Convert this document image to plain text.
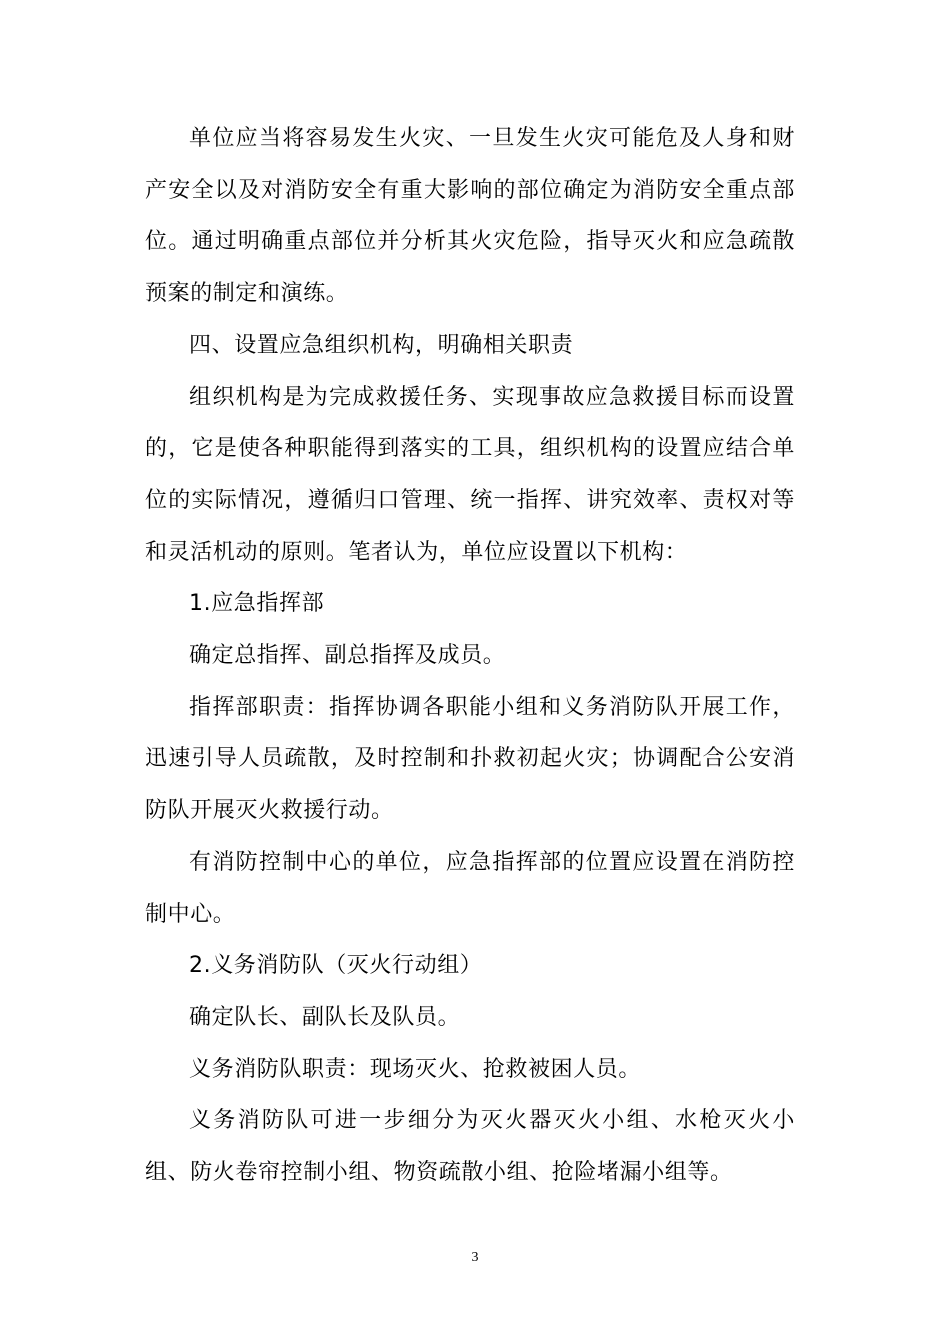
单位应当将容易发生火灾、一旦发生火灾可能危及人身和财产安全以及对消防安全有重大影响的部位确定为消防安全重点部位。通过明确重点部位并分析其火灾危险，指导灭火和应急疏散预案的制定和演练。

四、设置应急组织机构，明确相关职责

组织机构是为完成救援任务、实现事故应急救援目标而设置的，它是使各种职能得到落实的工具，组织机构的设置应结合单位的实际情况，遵循归口管理、统一指挥、讲究效率、责权对等和灵活机动的原则。笔者认为，单位应设置以下机构：

1.应急指挥部

确定总指挥、副总指挥及成员。

指挥部职责：指挥协调各职能小组和义务消防队开展工作，迅速引导人员疏散，及时控制和扑救初起火灾；协调配合公安消防队开展灭火救援行动。

有消防控制中心的单位，应急指挥部的位置应设置在消防控制中心。

2.义务消防队（灭火行动组）

确定队长、副队长及队员。

义务消防队职责：现场灭火、抢救被困人员。

义务消防队可进一步细分为灭火器灭火小组、水枪灭火小组、防火卷帘控制小组、物资疏散小组、抢险堵漏小组等。

3
